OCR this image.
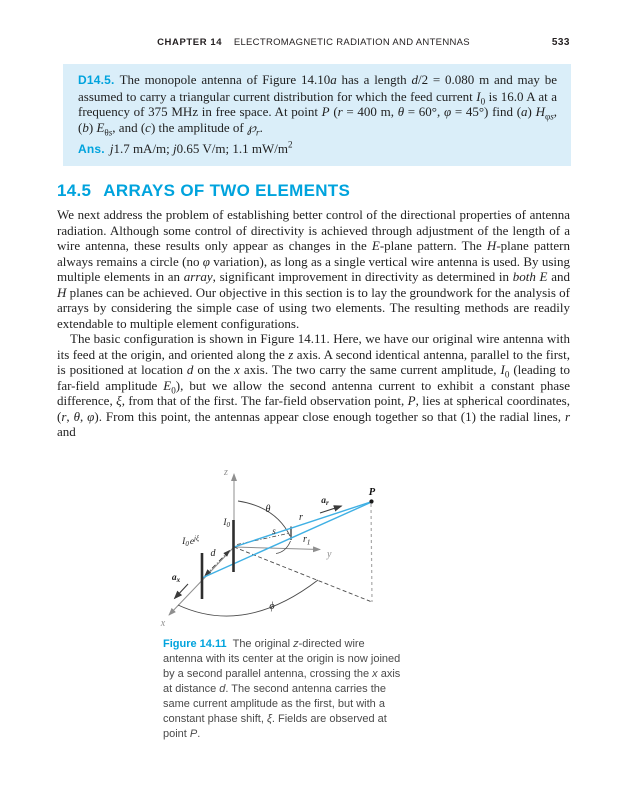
CHAPTER 14 ELECTROMAGNETIC RADIATION AND ANTENNAS	533

D14.5. The monopole antenna of Figure 14.10a has a length d/2 = 0.080 m and may be assumed to carry a triangular current distribution for which the feed current $I_0$ is 16.0 A at a frequency of 375 MHz in free space. At point P (r = 400 m, θ = 60°, φ = 45°) find (a) $H_{\varphi s}$, (b) $E_{\theta s}$, and (c) the amplitude of $℘_r$.

Ans. j1.7 mA/m; j0.65 V/m; 1.1 $mW/m^2$

14.5 ARRAYS OF TWO ELEMENTS

We next address the problem of establishing better control of the directional properties of antenna radiation. Although some control of directivity is achieved through adjustment of the length of a wire antenna, these results only appear as changes in the E-plane pattern. The H-plane pattern always remains a circle (no φ variation), as long as a single vertical wire antenna is used. By using multiple elements in an array, significant improvement in directivity as determined in both E and H planes can be achieved. Our objective in this section is to lay the groundwork for the analysis of arrays by considering the simple case of using two elements. The resulting methods are readily extendable to multiple element configurations.

The basic configuration is shown in Figure 14.11. Here, we have our original wire antenna with its feed at the origin, and oriented along the z axis. A second identical antenna, parallel to the first, is positioned at location d on the x axis. The two carry the same current amplitude, $I_0$ (leading to far-field amplitude $E_0$), but we allow the second antenna current to exhibit a constant phase difference, ξ, from that of the first. The far-field observation point, P, lies at spherical coordinates, (r, θ, φ). From this point, the antennas appear close enough together so that (1) the radial lines, r and

z
y
x
P
θ
ϕ
r
$r_1$
s
d
$I_0$
$I_0e^{j\xi}$
$a_r$
$a_x$
Figure 14.11 The original z-directed wire antenna with its center at the origin is now joined by a second parallel antenna, crossing the x axis at distance d. The second antenna carries the same current amplitude as the first, but with a constant phase shift, ξ. Fields are observed at point P.
